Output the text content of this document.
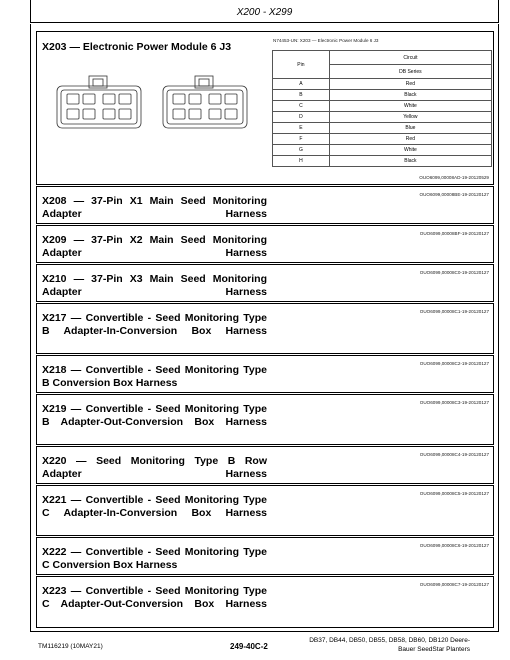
X200 - X299
X203 — Electronic Power Module 6 J3
N74453-UN: X203 — Electronic Power Module 6 J3
Pin	Circuit
	DB Series
A	Red
B	Black
C	White
D	Yellow
E	Blue
F	Red
G	White
H	Black
OUO6099,00008AD-19-20120529
X208 — 37-Pin X1 Main Seed Monitoring Adapter Harness
OUO6099,00008BE-19-20120127
X209 — 37-Pin X2 Main Seed Monitoring Adapter Harness
OUO6099,00008BF-19-20120127
X210 — 37-Pin X3 Main Seed Monitoring Adapter Harness
OUO6099,00008C0-19-20120127
X217 — Convertible - Seed Monitoring Type B Adapter-In-Conversion Box Harness
OUO6099,00008C1-19-20120127
X218 — Convertible - Seed Monitoring Type B Conversion Box Harness
OUO6099,00008C2-19-20120127
X219 — Convertible - Seed Monitoring Type B Adapter-Out-Conversion Box Harness
OUO6099,00008C3-19-20120127
X220 — Seed Monitoring Type B Row Adapter Harness
OUO6099,00008C4-19-20120127
X221 — Convertible - Seed Monitoring Type C Adapter-In-Conversion Box Harness
OUO6099,00008C5-19-20120127
X222 — Convertible - Seed Monitoring Type C Conversion Box Harness
OUO6099,00008C6-19-20120127
X223 — Convertible - Seed Monitoring Type C Adapter-Out-Conversion Box Harness
OUO6099,00008C7-19-20120127
TM116219 (10MAY21)	249-40C-2
DB37, DB44, DB50, DB55, DB58, DB60, DB120 Deere-
Bauer SeedStar Planters
